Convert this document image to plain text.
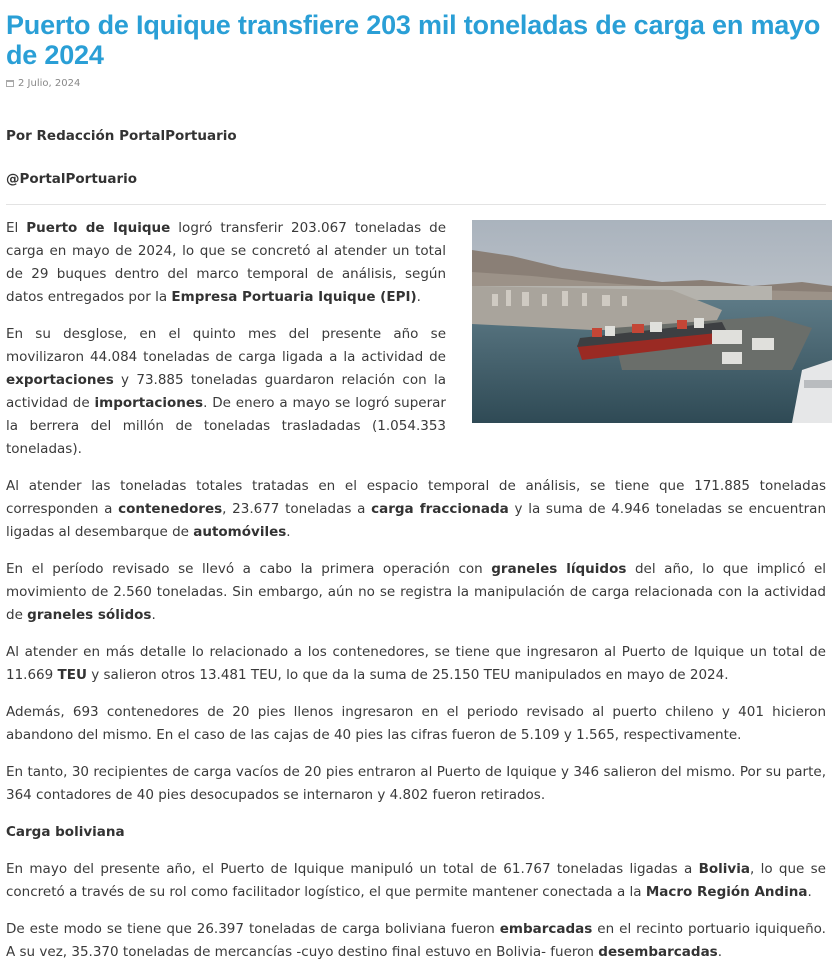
Puerto de Iquique transfiere 203 mil toneladas de carga en mayo de 2024
2 Julio, 2024

Por Redacción PortalPortuario

@PortalPortuario

El Puerto de Iquique logró transferir 203.067 toneladas de carga en mayo de 2024, lo que se concretó al atender un total de 29 buques dentro del marco temporal de análisis, según datos entregados por la Empresa Portuaria Iquique (EPI).

En su desglose, en el quinto mes del presente año se movilizaron 44.084 toneladas de carga ligada a la actividad de exportaciones y 73.885 toneladas guardaron relación con la actividad de importaciones. De enero a mayo se logró superar la berrera del millón de toneladas trasladadas (1.054.353 toneladas).

Al atender las toneladas totales tratadas en el espacio temporal de análisis, se tiene que 171.885 toneladas corresponden a contenedores, 23.677 toneladas a carga fraccionada y la suma de 4.946 toneladas se encuentran ligadas al desembarque de automóviles.

En el período revisado se llevó a cabo la primera operación con graneles líquidos del año, lo que implicó el movimiento de 2.560 toneladas. Sin embargo, aún no se registra la manipulación de carga relacionada con la actividad de graneles sólidos.

Al atender en más detalle lo relacionado a los contenedores, se tiene que ingresaron al Puerto de Iquique un total de 11.669 TEU y salieron otros 13.481 TEU, lo que da la suma de 25.150 TEU manipulados en mayo de 2024.

Además, 693 contenedores de 20 pies llenos ingresaron en el periodo revisado al puerto chileno y 401 hicieron abandono del mismo. En el caso de las cajas de 40 pies las cifras fueron de 5.109 y 1.565, respectivamente.

En tanto, 30 recipientes de carga vacíos de 20 pies entraron al Puerto de Iquique y 346 salieron del mismo. Por su parte, 364 contadores de 40 pies desocupados se internaron y 4.802 fueron retirados.

Carga boliviana

En mayo del presente año, el Puerto de Iquique manipuló un total de 61.767 toneladas ligadas a Bolivia, lo que se concretó a través de su rol como facilitador logístico, el que permite mantener conectada a la Macro Región Andina.

De este modo se tiene que 26.397 toneladas de carga boliviana fueron embarcadas en el recinto portuario iquiqueño. A su vez, 35.370 toneladas de mercancías -cuyo destino final estuvo en Bolivia- fueron desembarcadas.
